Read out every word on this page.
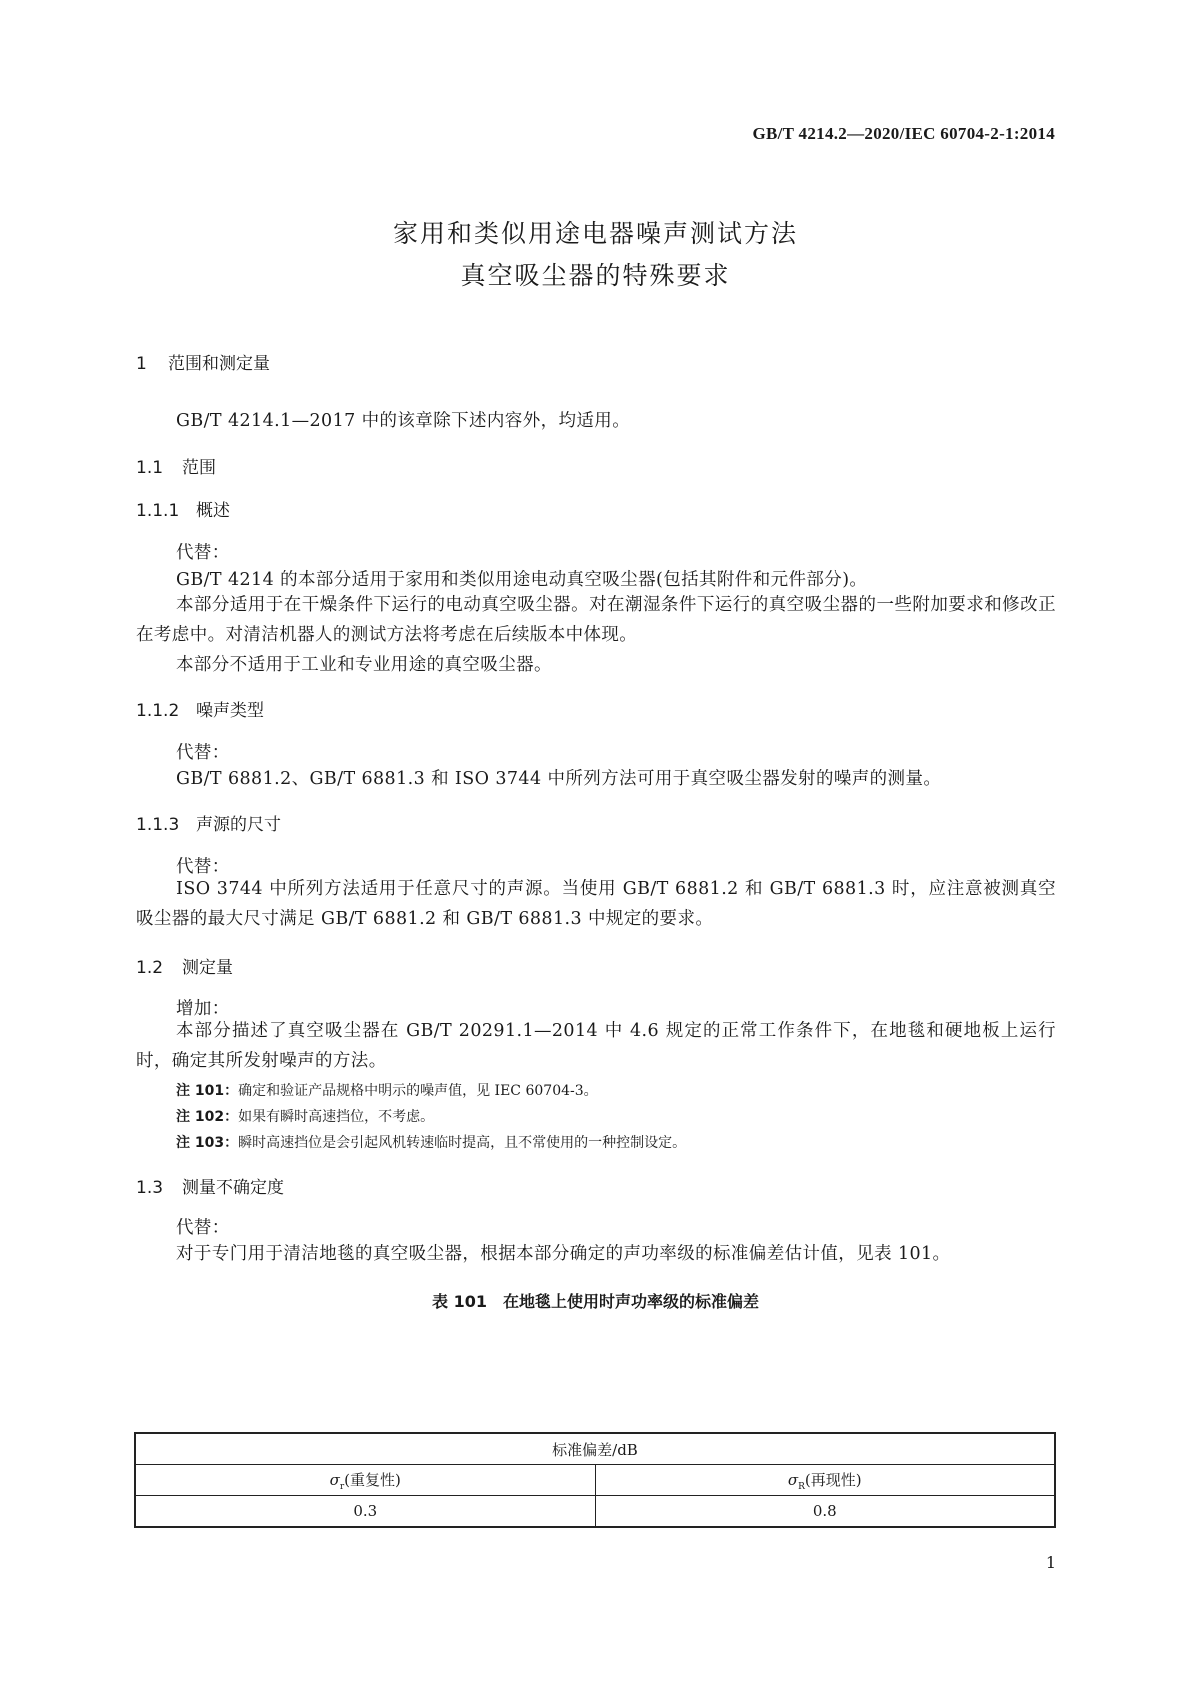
GB/T 4214.2—2020/IEC 60704-2-1:2014
家用和类似用途电器噪声测试方法
真空吸尘器的特殊要求
1 范围和测定量
GB/T 4214.1—2017 中的该章除下述内容外，均适用。
1.1 范围
1.1.1 概述
代替：
GB/T 4214 的本部分适用于家用和类似用途电动真空吸尘器(包括其附件和元件部分)。
本部分适用于在干燥条件下运行的电动真空吸尘器。对在潮湿条件下运行的真空吸尘器的一些附加要求和修改正在考虑中。对清洁机器人的测试方法将考虑在后续版本中体现。
本部分不适用于工业和专业用途的真空吸尘器。
1.1.2 噪声类型
代替：
GB/T 6881.2、GB/T 6881.3 和 ISO 3744 中所列方法可用于真空吸尘器发射的噪声的测量。
1.1.3 声源的尺寸
代替：
ISO 3744 中所列方法适用于任意尺寸的声源。当使用 GB/T 6881.2 和 GB/T 6881.3 时，应注意被测真空吸尘器的最大尺寸满足 GB/T 6881.2 和 GB/T 6881.3 中规定的要求。
1.2 测定量
增加：
本部分描述了真空吸尘器在 GB/T 20291.1—2014 中 4.6 规定的正常工作条件下，在地毯和硬地板上运行时，确定其所发射噪声的方法。
注 101：确定和验证产品规格中明示的噪声值，见 IEC 60704-3。
注 102：如果有瞬时高速挡位，不考虑。
注 103：瞬时高速挡位是会引起风机转速临时提高，且不常使用的一种控制设定。
1.3 测量不确定度
代替：
对于专门用于清洁地毯的真空吸尘器，根据本部分确定的声功率级的标准偏差估计值，见表 101。
表 101　在地毯上使用时声功率级的标准偏差
标准偏差/dB	
$\sigma_r$(重复性)	$\sigma_R$(再现性)
0.3	0.8
1
